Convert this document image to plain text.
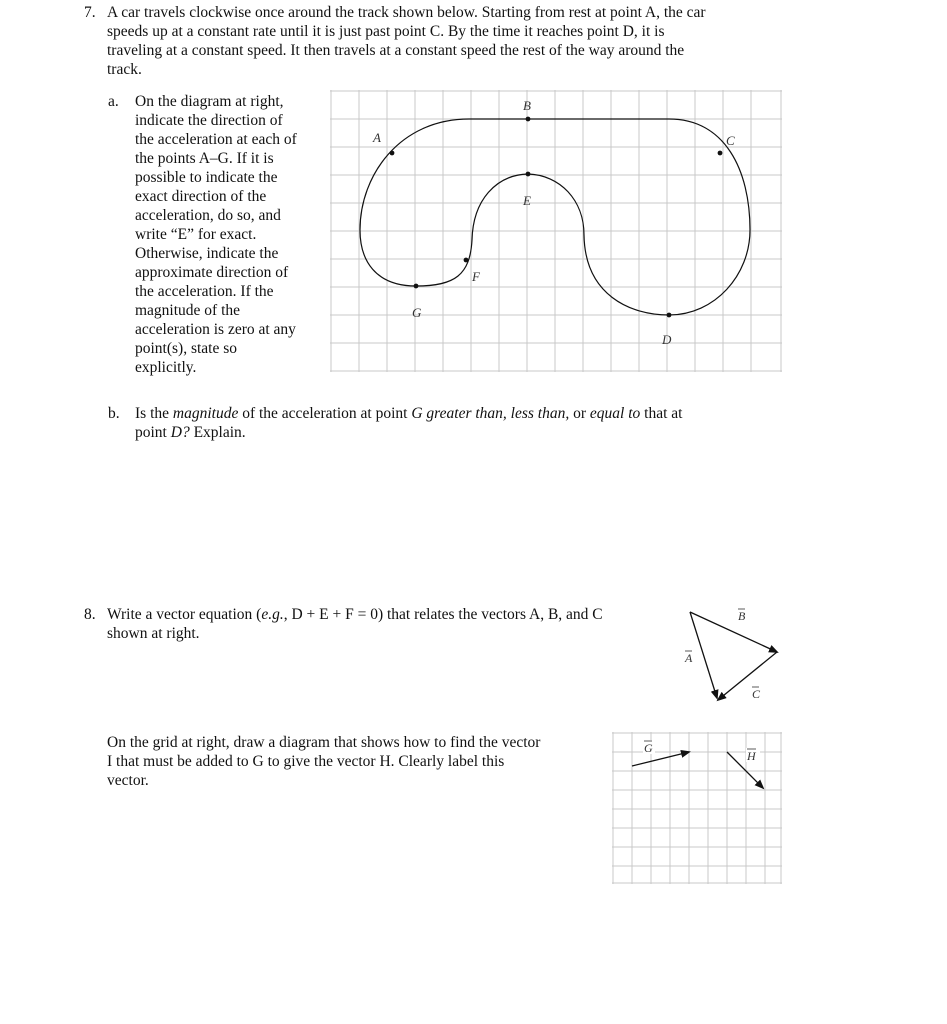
7. A car travels clockwise once around the track shown below. Starting from rest at point A, the car
speeds up at a constant rate until it is just past point C. By the time it reaches point D, it is
traveling at a constant speed. It then travels at a constant speed the rest of the way around the
track.
a. On the diagram at right,
indicate the direction of
the acceleration at each of
the points A–G. If it is
possible to indicate the
exact direction of the
acceleration, do so, and
write “E” for exact.
Otherwise, indicate the
approximate direction of
the acceleration. If the
magnitude of the
acceleration is zero at any
point(s), state so
explicitly.
A
B
C
D
E
F
G
b. Is the magnitude of the acceleration at point G greater than, less than, or equal to that at
point D? Explain.
8. Write a vector equation (e.g., D + E + F = 0) that relates the vectors A, B, and C
shown at right.
B
A
C
On the grid at right, draw a diagram that shows how to find the vector
I that must be added to G to give the vector H. Clearly label this
vector.
G
H
